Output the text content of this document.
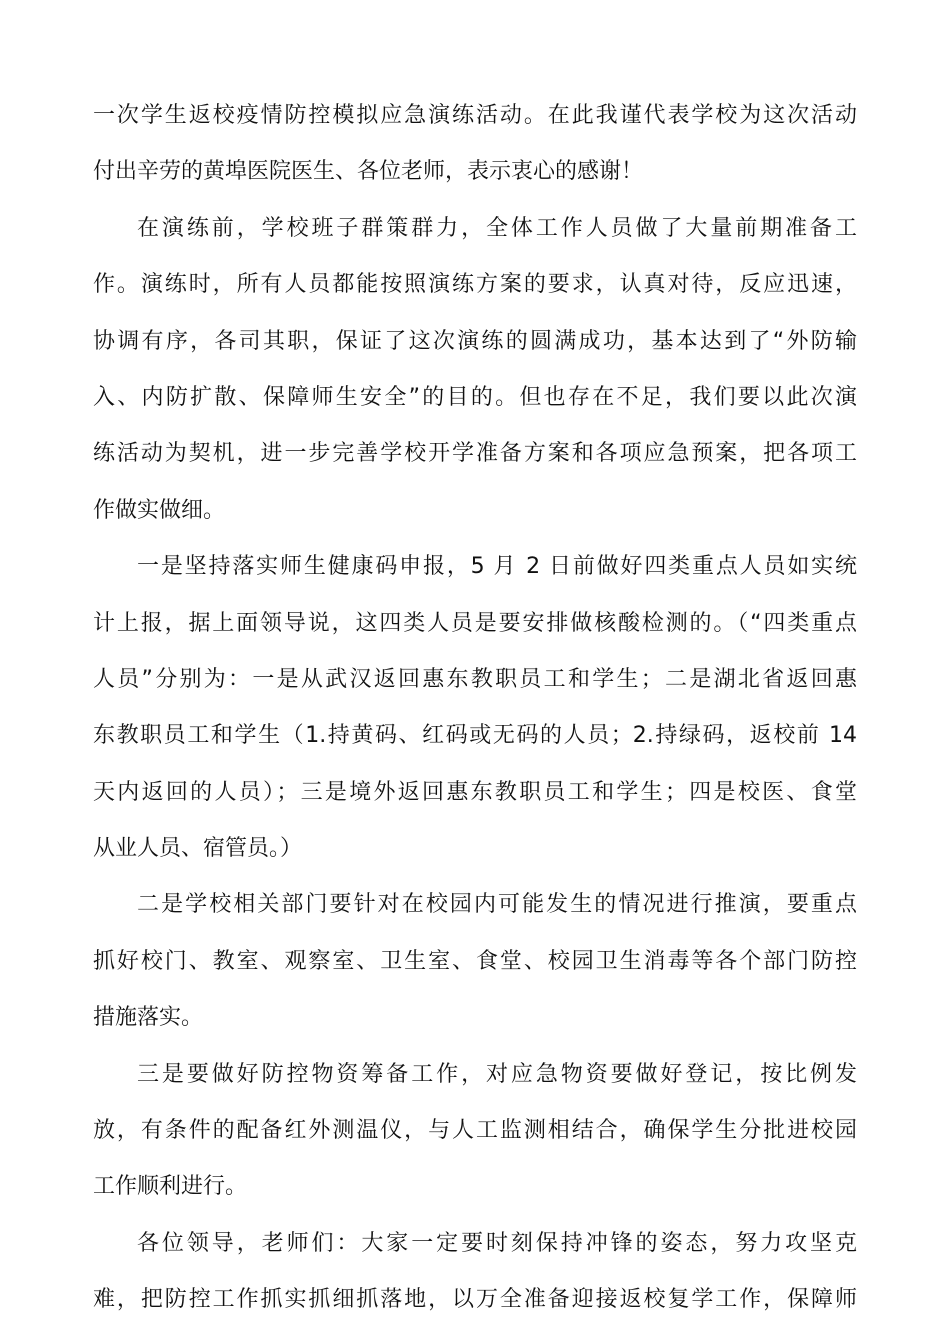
一次学生返校疫情防控模拟应急演练活动。在此我谨代表学校为这次活动
付出辛劳的黄埠医院医生、各位老师，表示衷心的感谢！
在演练前，学校班子群策群力，全体工作人员做了大量前期准备工
作。演练时，所有人员都能按照演练方案的要求，认真对待，反应迅速，
协调有序，各司其职，保证了这次演练的圆满成功，基本达到了“外防输
入、内防扩散、保障师生安全”的目的。但也存在不足，我们要以此次演
练活动为契机，进一步完善学校开学准备方案和各项应急预案，把各项工
作做实做细。
一是坚持落实师生健康码申报，5 月 2 日前做好四类重点人员如实统
计上报，据上面领导说，这四类人员是要安排做核酸检测的。（“四类重点
人员”分别为：一是从武汉返回惠东教职员工和学生；二是湖北省返回惠
东教职员工和学生（1.持黄码、红码或无码的人员；2.持绿码，返校前 14
天内返回的人员）；三是境外返回惠东教职员工和学生；四是校医、食堂
从业人员、宿管员。）
二是学校相关部门要针对在校园内可能发生的情况进行推演，要重点
抓好校门、教室、观察室、卫生室、食堂、校园卫生消毒等各个部门防控
措施落实。
三是要做好防控物资筹备工作，对应急物资要做好登记，按比例发
放，有条件的配备红外测温仪，与人工监测相结合，确保学生分批进校园
工作顺利进行。
各位领导，老师们：大家一定要时刻保持冲锋的姿态，努力攻坚克
难，把防控工作抓实抓细抓落地，以万全准备迎接返校复学工作，保障师
